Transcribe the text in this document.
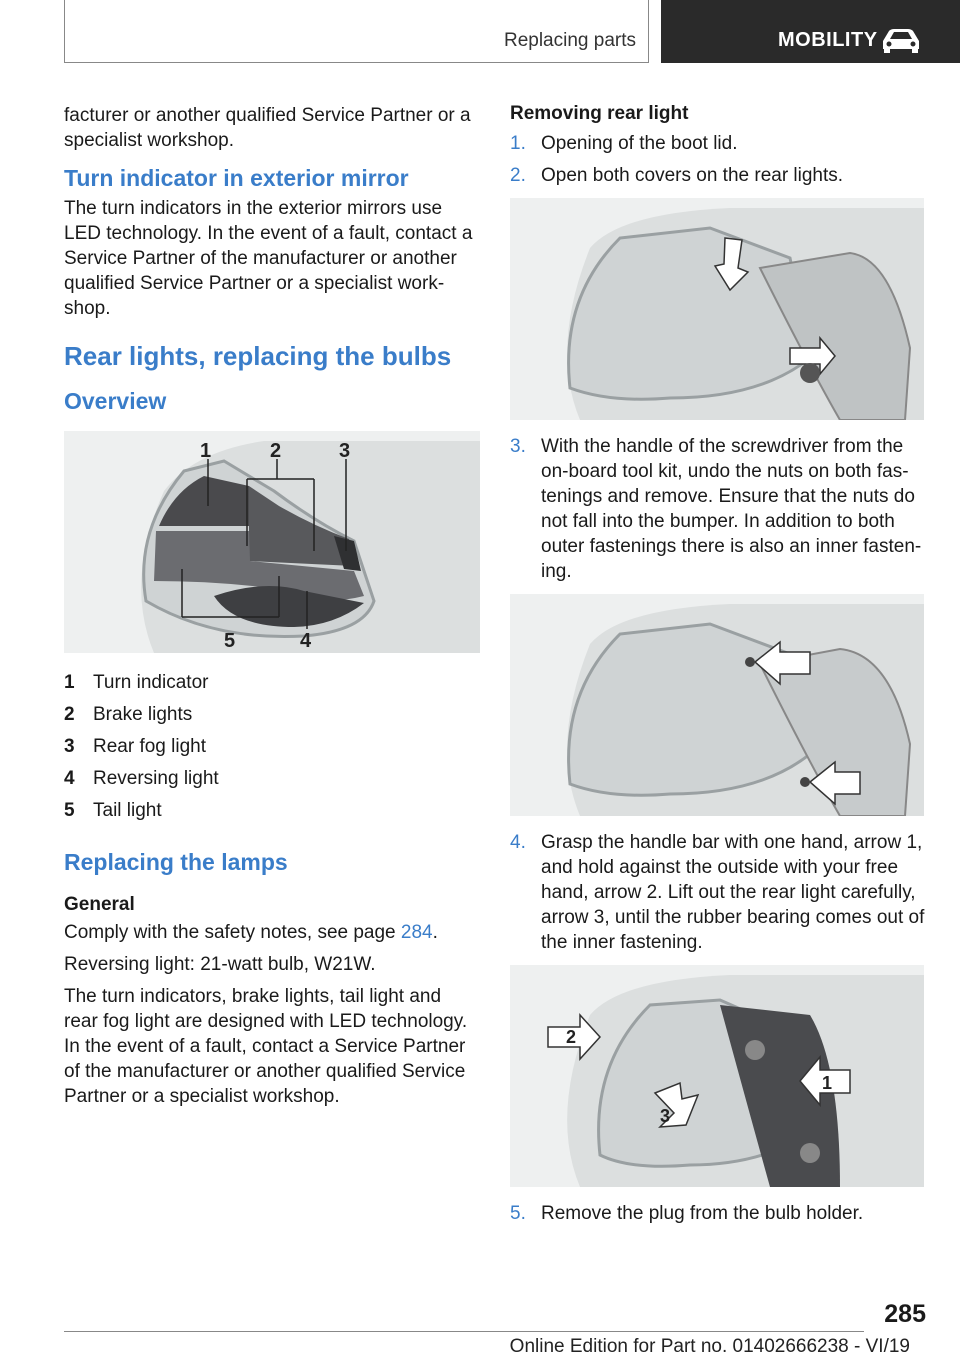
Replacing parts	MOBILITY

facturer or another qualified Service Partner or a specialist workshop.

Turn indicator in exterior mirror

The turn indicators in the exterior mirrors use LED technology. In the event of a fault, contact a Service Partner of the manufacturer or another qualified Service Partner or a specialist workshop.

Rear lights, replacing the bulbs
Overview
1	2	3
4
5
1 Turn indicator
2 Brake lights
3 Rear fog light
4 Reversing light
5 Tail light
Replacing the lamps
General

Comply with the safety notes, see page 284.

Reversing light: 21-watt bulb, W21W.

The turn indicators, brake lights, tail light and rear fog light are designed with LED technology. In the event of a fault, contact a Service Partner of the manufacturer or another qualified Service Partner or a specialist workshop.

Removing rear light
1. Opening of the boot lid.
2. Open both covers on the rear lights.
3. With the handle of the screwdriver from the on-board tool kit, undo the nuts on both fastenings and remove. Ensure that the nuts do not fall into the bumper. In addition to both outer fastenings there is also an inner fastening.
4. Grasp the handle bar with one hand, arrow 1, and hold against the outside with your free hand, arrow 2. Lift out the rear light carefully, arrow 3, until the rubber bearing comes out of the inner fastening.
2
1
3
5. Remove the plug from the bulb holder.
285
Online Edition for Part no. 01402666238 - VI/19
